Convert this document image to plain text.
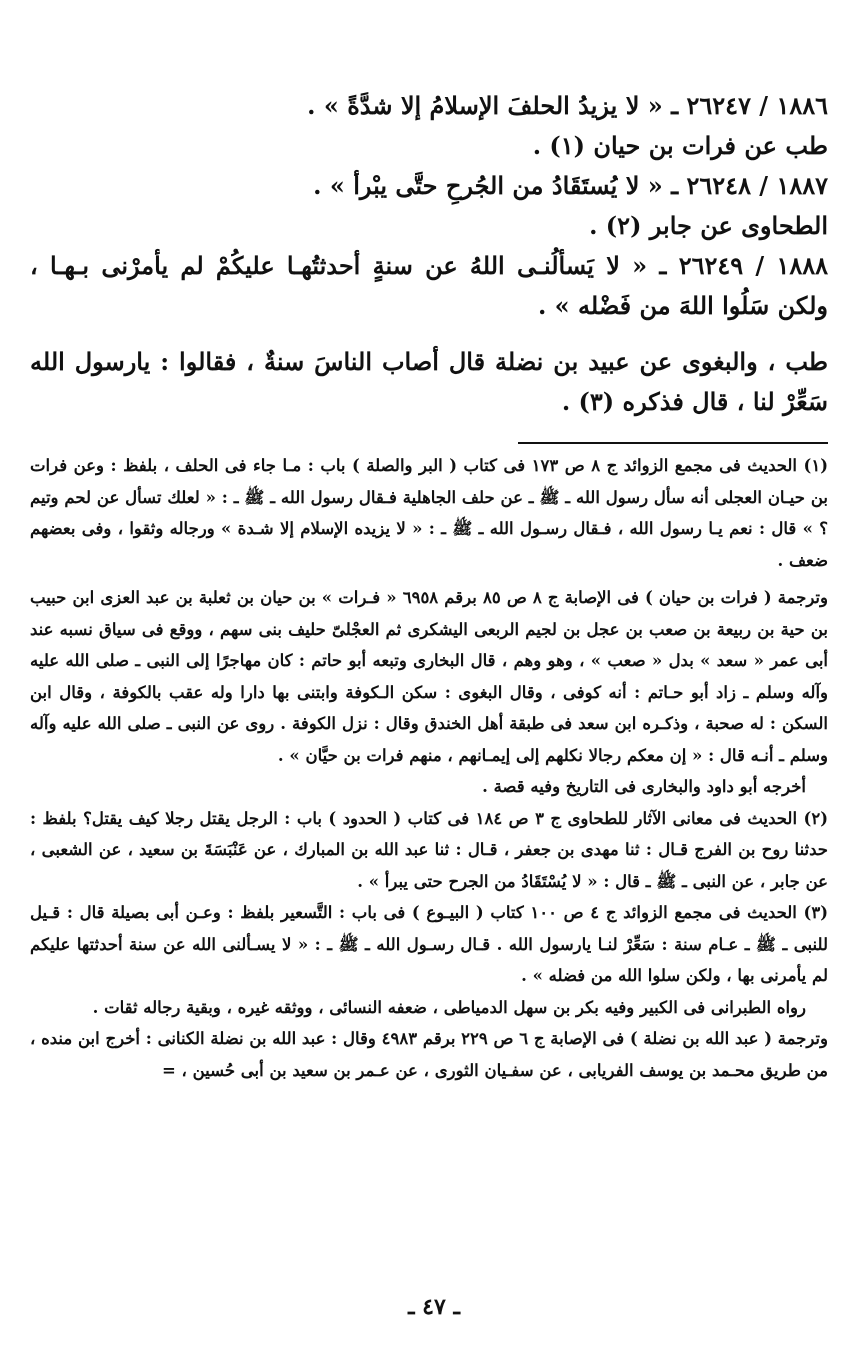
١٨٨٦ / ٢٦٢٤٧ ـ « لا يزيدُ الحلفَ الإسلامُ إلا شدَّةً » .

طب عن فرات بن حيان (١) .

١٨٨٧ / ٢٦٢٤٨ ـ « لا يُستَقَادُ من الجُرحِ حتَّى يبْرأ » .

الطحاوى عن جابر (٢) .

١٨٨٨ / ٢٦٢٤٩ ـ « لا يَسألُنـى اللهُ عن سنةٍ أحدثتُهـا عليكُمْ لم يأمرْنى بـهـا ، ولكن سَلُوا اللهَ من فَضْله » .

طب ، والبغوى عن عبيد بن نضلة قال أصاب الناسَ سنةٌ ، فقالوا : يارسول الله سَعِّرْ لنا ، قال فذكره (٣) .

(١) الحديث فى مجمع الزوائد ج ٨ ص ١٧٣ فى كتاب ( البر والصلة ) باب : مـا جاء فى الحلف ، بلفظ : وعن فرات بن حيـان العجلى أنه سأل رسول الله ـ ﷺ ـ عن حلف الجاهلية فـقال رسول الله ـ ﷺ ـ : « لعلك تسأل عن لحم وتيم ؟ » قال : نعم يـا رسول الله ، فـقال رسـول الله ـ ﷺ ـ : « لا يزيده الإسلام إلا شـدة » ورجاله وثقوا ، وفى بعضهم ضعف .

وترجمة ( فرات بن حيان ) فى الإصابة ج ٨ ص ٨٥ برقم ٦٩٥٨ « فـرات » بن حيان بن ثعلبة بن عبد العزى ابن حبيب بن حية بن ربيعة بن صعب بن عجل بن لجيم الربعى اليشكرى ثم العجْلىّ حليف بنى سهم ، ووقع فى سياق نسبه عند أبى عمر « سعد » بدل « صعب » ، وهو وهم ، قال البخارى وتبعه أبو حاتم : كان مهاجرًا إلى النبى ـ صلى الله عليه وآله وسلم ـ زاد أبو حـاتم : أنه كوفى ، وقال البغوى : سكن الـكوفة وابتنى بها دارا وله عقب بالكوفة ، وقال ابن السكن : له صحبة ، وذكـره ابن سعد فى طبقة أهل الخندق وقال : نزل الكوفة . روى عن النبى ـ صلى الله عليه وآله وسلم ـ أنـه قال : « إن معكم رجالا نكلهم إلى إيمـانهم ، منهم فرات بن حيَّان » .

أخرجه أبو داود والبخارى فى التاريخ وفيه قصة .

(٢) الحديث فى معانى الآثار للطحاوى ج ٣ ص ١٨٤ فى كتاب ( الحدود ) باب : الرجل يقتل رجلا كيف يقتل؟ بلفظ : حدثنا روح بن الفرج قـال : ثنا مهدى بن جعفر ، قـال : ثنا عبد الله بن المبارك ، عن عَنْبَسَةَ بن سعيد ، عن الشعبى ، عن جابر ، عن النبى ـ ﷺ ـ قال : « لا يُسْتَقَادُ من الجرح حتى يبرأ » .

(٣) الحديث فى مجمع الزوائد ج ٤ ص ١٠٠ كتاب ( البيـوع ) فى باب : التَّسعير بلفظ : وعـن أبى بصيلة قال : قـيل للنبى ـ ﷺ ـ عـام سنة : سَعِّرْ لنـا يارسول الله . قـال رسـول الله ـ ﷺ ـ : « لا يسـألنى الله عن سنة أحدثتها عليكم لم يأمرنى بها ، ولكن سلوا الله من فضله » .

رواه الطبرانى فى الكبير وفيه بكر بن سهل الدمياطى ، ضعفه النسائى ، ووثقه غيره ، وبقية رجاله ثقات .

وترجمة ( عبد الله بن نضلة ) فى الإصابة ج ٦ ص ٢٢٩ برقم ٤٩٨٣ وقال : عبد الله بن نضلة الكنانى : أخرج ابن منده ، من طريق محـمد بن يوسف الفريابى ، عن سفـيان الثورى ، عن عـمر بن سعيد بن أبى حُسين ، =

ـ ٤٧ ـ
